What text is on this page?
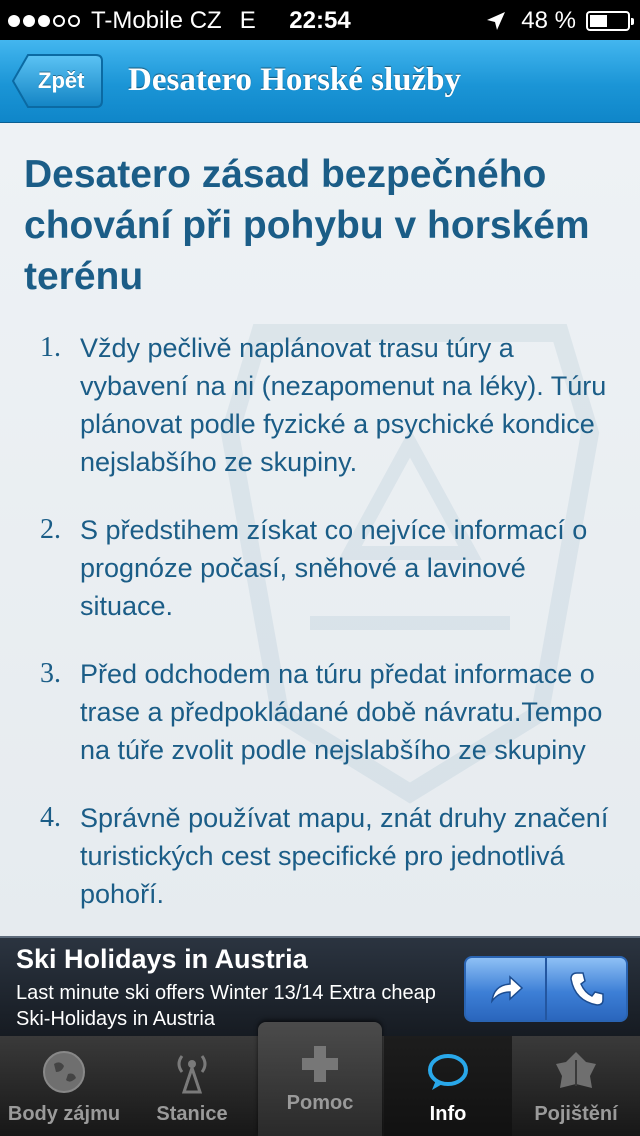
T-Mobile CZ E	22:54	48 %
Zpět Desatero Horské služby
Desatero zásad bezpečného chování při pohybu v horském terénu
1. Vždy pečlivě naplánovat trasu túry a vybavení na ni (nezapomenut na léky). Túru plánovat podle fyzické a psychické kondice nejslabšího ze skupiny.
2. S předstihem získat co nejvíce informací o prognóze počasí, sněhové a lavinové situace.
3. Před odchodem na túru předat informace o trase a předpokládané době návratu.Tempo na túře zvolit podle nejslabšího ze skupiny
4. Správně používat mapu, znát druhy značení turistických cest specifické pro jednotlivá pohoří.
Ski Holidays in Austria
Last minute ski offers Winter 13/14 Extra cheap Ski-Holidays in Austria
Body zájmu	Stanice	Pomoc	Info	Pojištění
